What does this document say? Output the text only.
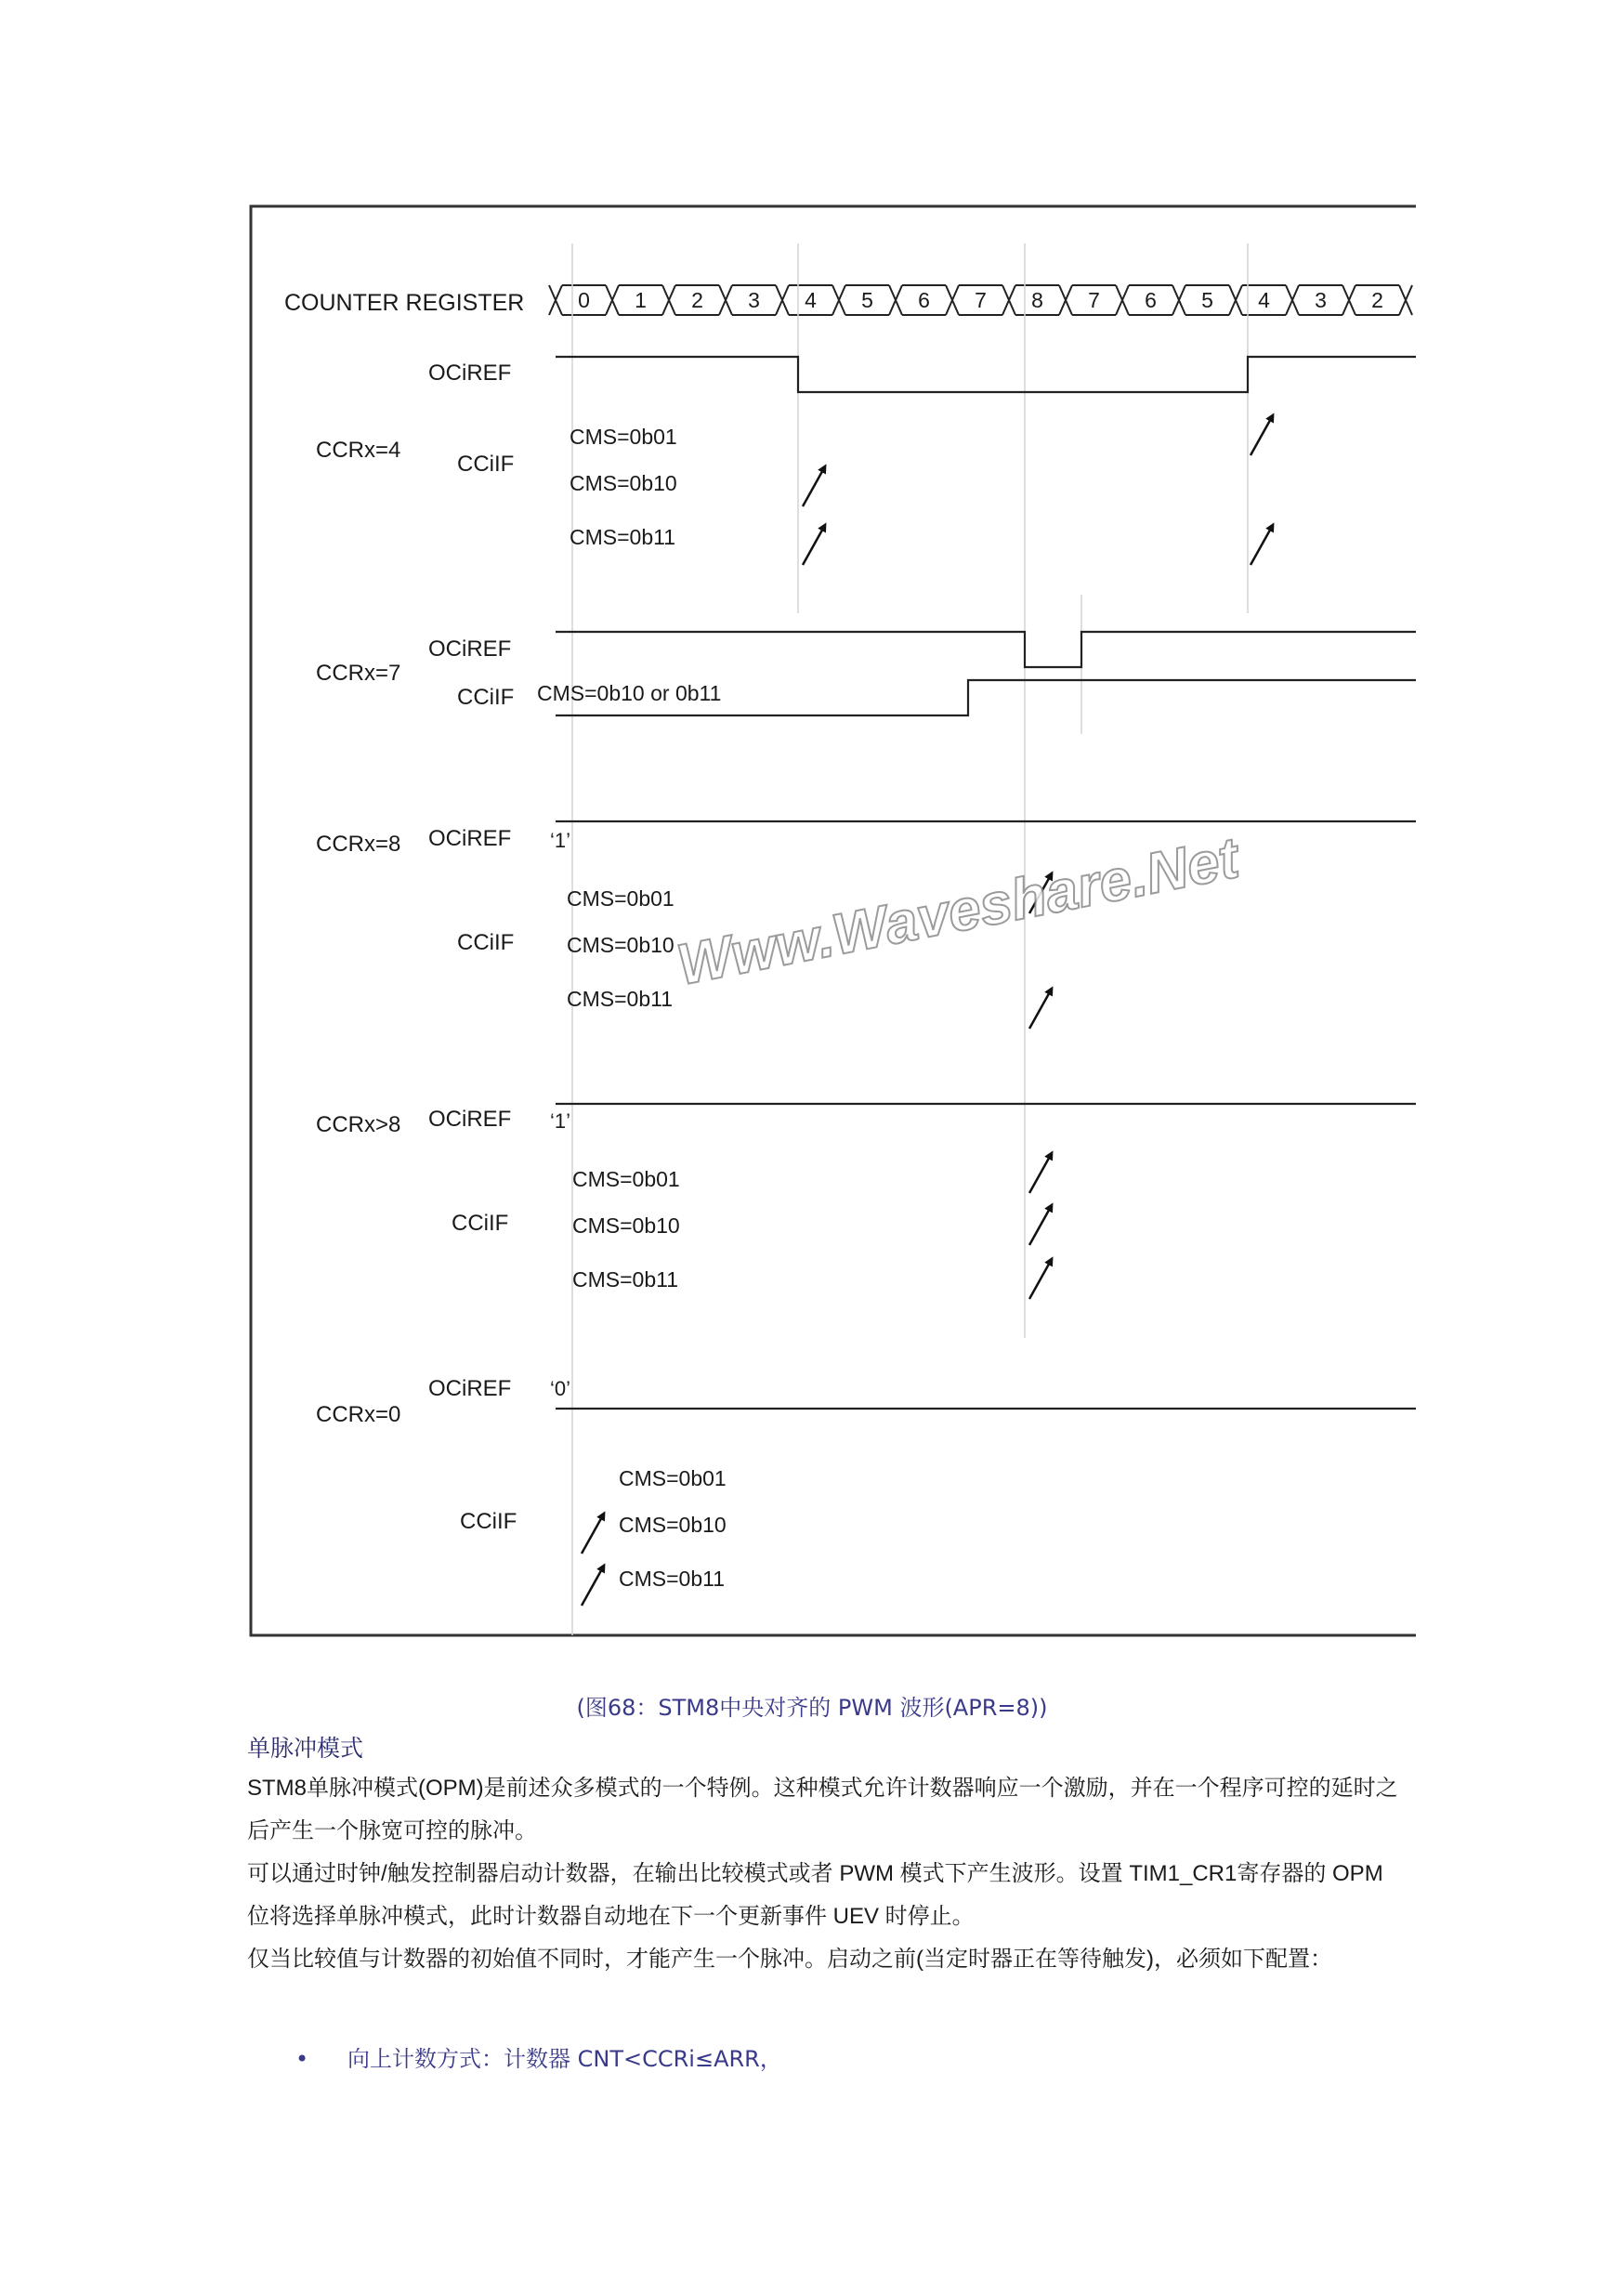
COUNTER REGISTER	0 1 2 3 4 5 6 7 8 7 6 5 4 3 2
CCRx=4
OCiREF
CCiIF
CMS=0b01
CMS=0b10
CMS=0b11
CCRx=7
OCiREF
CCiIF CMS=0b10 or 0b11
CCRx=8 OCiREF ‘1’
CCiIF
CMS=0b01
CMS=0b10
CMS=0b11
CCRx>8 OCiREF ‘1’
CCiIF
CMS=0b01
CMS=0b10
CMS=0b11
CCRx=0
OCiREF ‘0’
CCiIF
CMS=0b01
CMS=0b10
CMS=0b11
Www.Waveshare.Net
(图68：STM8中央对齐的 PWM 波形(APR=8))
单脉冲模式

STM8单脉冲模式(OPM)是前述众多模式的一个特例。这种模式允许计数器响应一个激励，并在一个程序可控的延时之后产生一个脉宽可控的脉冲。

可以通过时钟/触发控制器启动计数器，在输出比较模式或者 PWM 模式下产生波形。设置 TIM1_CR1寄存器的 OPM 位将选择单脉冲模式，此时计数器自动地在下一个更新事件 UEV 时停止。

仅当比较值与计数器的初始值不同时，才能产生一个脉冲。启动之前(当定时器正在等待触发)，必须如下配置：

• 向上计数方式：计数器 CNT<CCRi≤ARR，
